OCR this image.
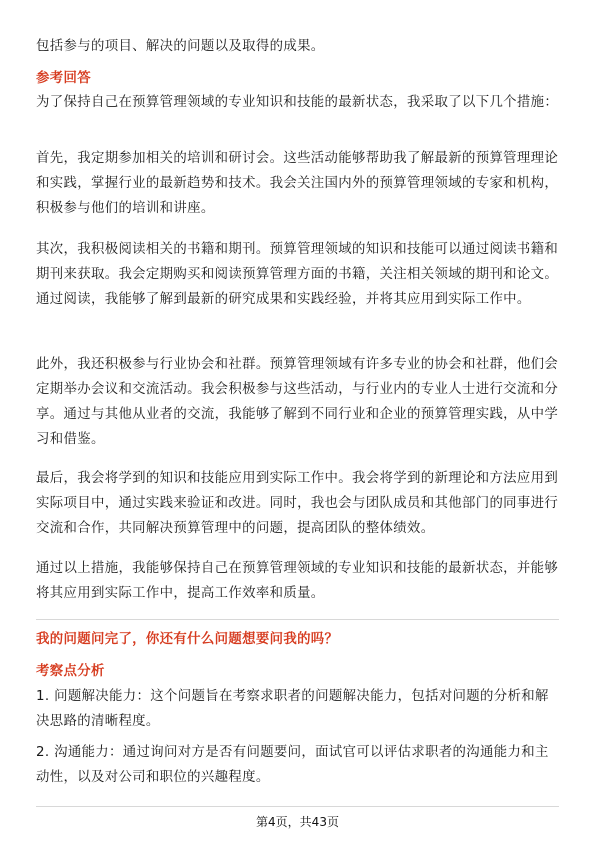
包括参与的项目、解决的问题以及取得的成果。

参考回答

为了保持自己在预算管理领域的专业知识和技能的最新状态，我采取了以下几个措施：

首先，我定期参加相关的培训和研讨会。这些活动能够帮助我了解最新的预算管理理论和实践，掌握行业的最新趋势和技术。我会关注国内外的预算管理领域的专家和机构，积极参与他们的培训和讲座。

其次，我积极阅读相关的书籍和期刊。预算管理领域的知识和技能可以通过阅读书籍和期刊来获取。我会定期购买和阅读预算管理方面的书籍，关注相关领域的期刊和论文。通过阅读，我能够了解到最新的研究成果和实践经验，并将其应用到实际工作中。

此外，我还积极参与行业协会和社群。预算管理领域有许多专业的协会和社群，他们会定期举办会议和交流活动。我会积极参与这些活动，与行业内的专业人士进行交流和分享。通过与其他从业者的交流，我能够了解到不同行业和企业的预算管理实践，从中学习和借鉴。

最后，我会将学到的知识和技能应用到实际工作中。我会将学到的新理论和方法应用到实际项目中，通过实践来验证和改进。同时，我也会与团队成员和其他部门的同事进行交流和合作，共同解决预算管理中的问题，提高团队的整体绩效。

通过以上措施，我能够保持自己在预算管理领域的专业知识和技能的最新状态，并能够将其应用到实际工作中，提高工作效率和质量。

我的问题问完了，你还有什么问题想要问我的吗？

考察点分析

1. 问题解决能力：这个问题旨在考察求职者的问题解决能力，包括对问题的分析和解决思路的清晰程度。

2. 沟通能力：通过询问对方是否有问题要问，面试官可以评估求职者的沟通能力和主动性，以及对公司和职位的兴趣程度。

第4页，共43页
